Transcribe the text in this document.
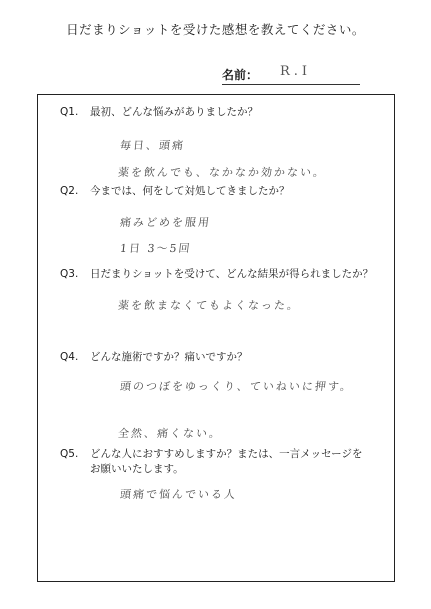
日だまりショットを受けた感想を教えてください。
名前： R.I
Q1. 最初、どんな悩みがありましたか？
毎日、頭痛
薬を飲んでも、なかなか効かない。
Q2. 今までは、何をして対処してきましたか？
痛みどめを服用
1日 3〜5回
Q3. 日だまりショットを受けて、どんな結果が得られましたか？
薬を飲まなくてもよくなった。
Q4. どんな施術ですか？痛いですか？
頭のつぼをゆっくり、ていねいに押す。
全然、痛くない。
Q5. どんな人におすすめしますか？または、一言メッセージを
お願いいたします。
頭痛で悩んでいる人
